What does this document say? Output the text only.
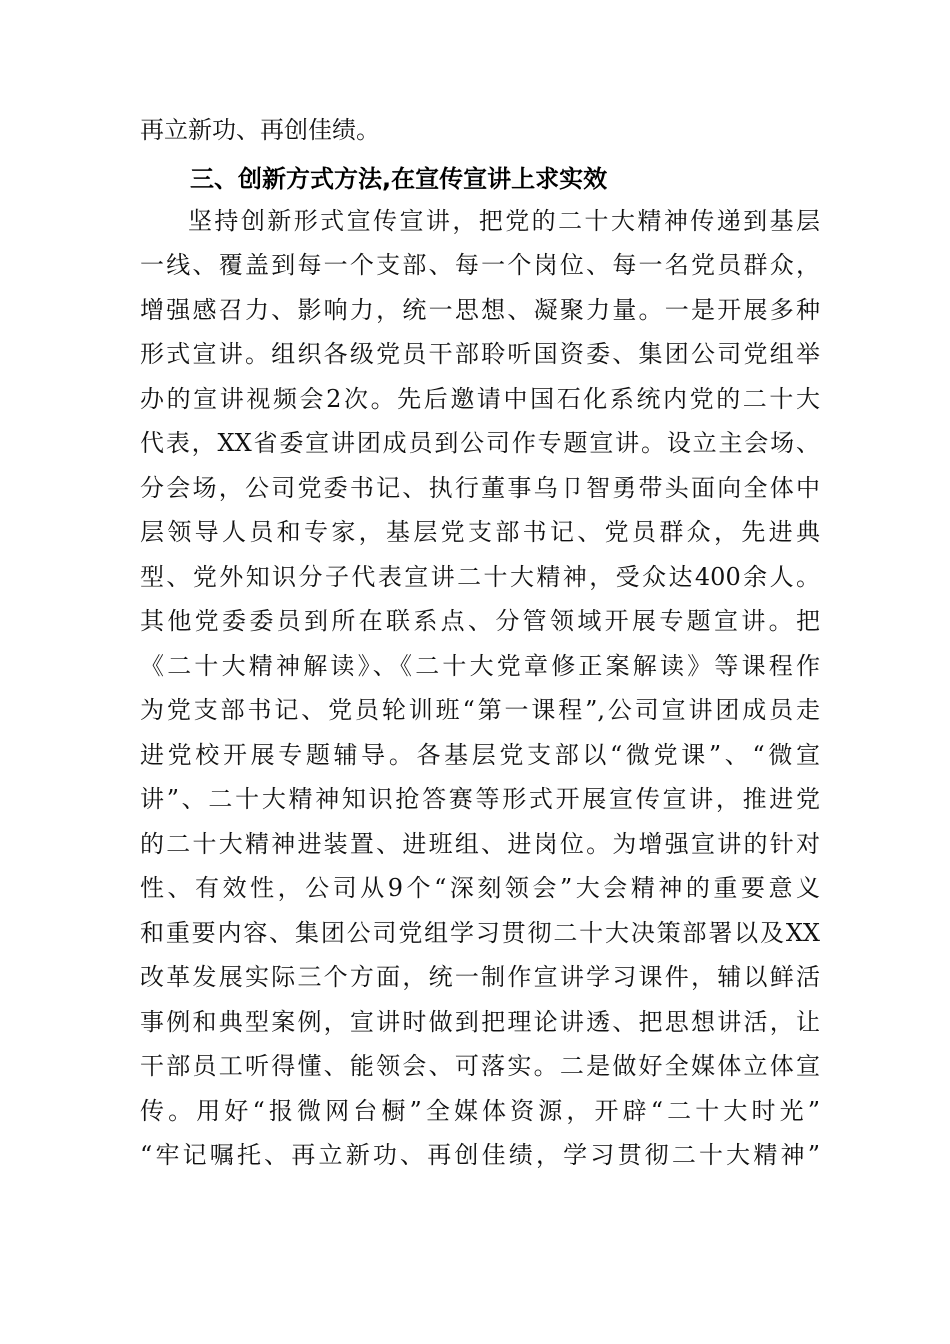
再立新功、再创佳绩。
三、创新方式方法,在宣传宣讲上求实效
坚持创新形式宣传宣讲，把党的二十大精神传递到基层
一线、覆盖到每一个支部、每一个岗位、每一名党员群众，
增强感召力、影响力，统一思想、凝聚力量。一是开展多种
形式宣讲。组织各级党员干部聆听国资委、集团公司党组举
办的宣讲视频会2次。先后邀请中国石化系统内党的二十大
代表，XX省委宣讲团成员到公司作专题宣讲。设立主会场、
分会场，公司党委书记、执行董事乌卩智勇带头面向全体中
层领导人员和专家，基层党支部书记、党员群众，先进典
型、党外知识分子代表宣讲二十大精神，受众达400余人。
其他党委委员到所在联系点、分管领域开展专题宣讲。把
《二十大精神解读》、《二十大党章修正案解读》等课程作
为党支部书记、党员轮训班“第一课程”,公司宣讲团成员走
进党校开展专题辅导。各基层党支部以“微党课”、“微宣
讲”、二十大精神知识抢答赛等形式开展宣传宣讲，推进党
的二十大精神进装置、进班组、进岗位。为增强宣讲的针对
性、有效性，公司从9个“深刻领会”大会精神的重要意义
和重要内容、集团公司党组学习贯彻二十大决策部署以及XX
改革发展实际三个方面，统一制作宣讲学习课件，辅以鲜活
事例和典型案例，宣讲时做到把理论讲透、把思想讲活，让
干部员工听得懂、能领会、可落实。二是做好全媒体立体宣
传。用好“报微网台橱”全媒体资源，开辟“二十大时光”
“牢记嘱托、再立新功、再创佳绩，学习贯彻二十大精神”
